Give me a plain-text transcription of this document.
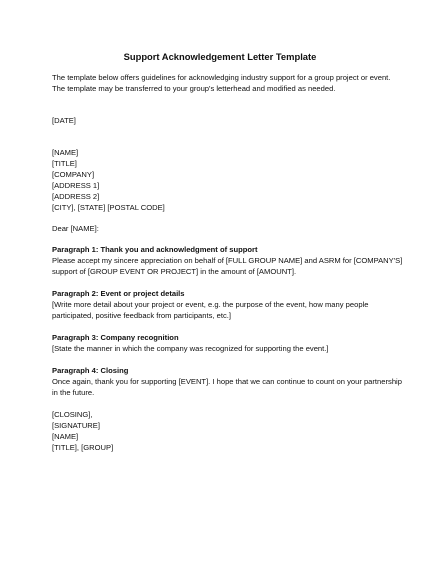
Support Acknowledgement Letter Template
The template below offers guidelines for acknowledging industry support for a group project or event.
The template may be transferred to your group's letterhead and modified as needed.
[DATE]
[NAME]
[TITLE]
[COMPANY]
[ADDRESS 1]
[ADDRESS 2]
[CITY], [STATE] [POSTAL CODE]
Dear [NAME]:
Paragraph 1: Thank you and acknowledgment of support
Please accept my sincere appreciation on behalf of [FULL GROUP NAME] and ASRM for [COMPANY'S]
support of [GROUP EVENT OR PROJECT] in the amount of [AMOUNT].
Paragraph 2: Event or project details
[Write more detail about your project or event, e.g. the purpose of the event, how many people
participated, positive feedback from participants, etc.]
Paragraph 3: Company recognition
[State the manner in which the company was recognized for supporting the event.]
Paragraph 4: Closing
Once again, thank you for supporting [EVENT]. I hope that we can continue to count on your partnership
in the future.
[CLOSING],
[SIGNATURE]
[NAME]
[TITLE], [GROUP]
